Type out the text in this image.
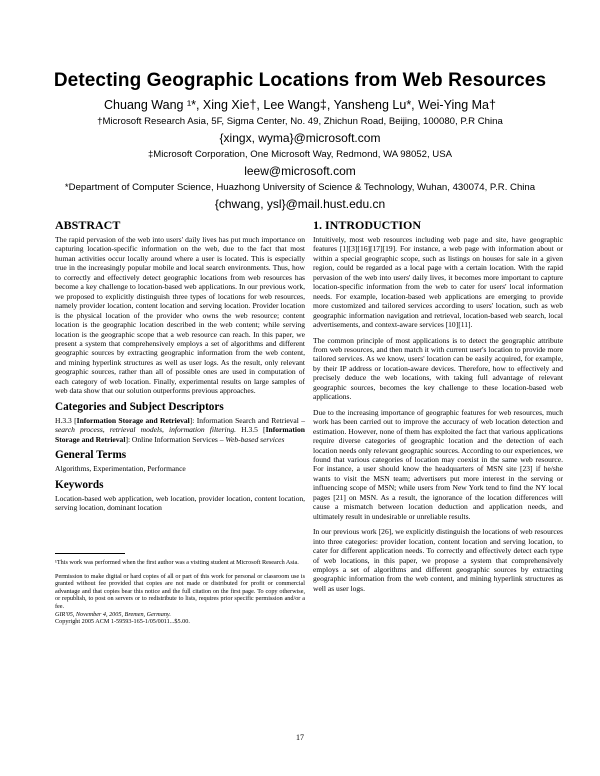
Detecting Geographic Locations from Web Resources
Chuang Wang ¹*, Xing Xie†, Lee Wang‡, Yansheng Lu*, Wei-Ying Ma†
†Microsoft Research Asia, 5F, Sigma Center, No. 49, Zhichun Road, Beijing, 100080, P.R China
{xingx, wyma}@microsoft.com
‡Microsoft Corporation, One Microsoft Way, Redmond, WA 98052, USA
leew@microsoft.com
*Department of Computer Science, Huazhong University of Science & Technology, Wuhan, 430074, P.R. China
{chwang, ysl}@mail.hust.edu.cn
ABSTRACT

The rapid pervasion of the web into users' daily lives has put much importance on capturing location-specific information on the web, due to the fact that most human activities occur locally around where a user is located. This is especially true in the increasingly popular mobile and local search environments. Thus, how to correctly and effectively detect geographic locations from web resources has become a key challenge to location-based web applications. In our previous work, we proposed to explicitly distinguish three types of locations for web resources, namely provider location, content location and serving location. Provider location is the physical location of the provider who owns the web resource; content location is the geographic location described in the web content; while serving location is the geographic scope that a web resource can reach. In this paper, we present a system that comprehensively employs a set of algorithms and different geographic sources by extracting geographic information from the web content, and mining hyperlink structures as well as user logs. As the result, only relevant geographic sources, rather than all of possible ones are used in computation of each category of web location. Finally, experimental results on large samples of web data show that our solution outperforms previous approaches.

Categories and Subject Descriptors

H.3.3 [Information Storage and Retrieval]: Information Search and Retrieval – search process, retrieval models, information filtering. H.3.5 [Information Storage and Retrieval]: Online Information Services – Web-based services

General Terms

Algorithms, Experimentation, Performance

Keywords

Location-based web application, web location, provider location, content location, serving location, dominant location

¹This work was performed when the first author was a visiting student at Microsoft Research Asia.

Permission to make digital or hard copies of all or part of this work for personal or classroom use is granted without fee provided that copies are not made or distributed for profit or commercial advantage and that copies bear this notice and the full citation on the first page. To copy otherwise, or republish, to post on servers or to redistribute to lists, requires prior specific permission and/or a fee.

GIR'05, November 4, 2005, Bremen, Germany.

Copyright 2005 ACM 1-59593-165-1/05/0011...$5.00.

1. INTRODUCTION

Intuitively, most web resources including web page and site, have geographic features [1][3][16][17][19]. For instance, a web page with information about or within a special geographic scope, such as listings on houses for sale in a given region, could be regarded as a local page with a certain location. With the rapid pervasion of the web into users' daily lives, it becomes more important to capture location-specific information from the web to cater for users' local information needs. For example, location-based web applications are emerging to provide more customized and tailored services according to users' location, such as web geographic information navigation and retrieval, location-based web search, local advertisements, and context-aware services [10][11].

The common principle of most applications is to detect the geographic attribute from web resources, and then match it with current user's location to provide more tailored services. As we know, users' location can be easily acquired, for example, by their IP address or location-aware devices. Therefore, how to effectively and precisely deduce the web locations, with taking full advantage of relevant geographic sources, becomes the key challenge to these location-based web applications.

Due to the increasing importance of geographic features for web resources, much work has been carried out to improve the accuracy of web location detection and estimation. However, none of them has exploited the fact that various applications require diverse categories of geographic location and the detection of each location needs only relevant geographic sources. According to our experiences, we found that various categories of location may coexist in the same web resource. For instance, a user should know the headquarters of MSN site [23] if he/she wants to visit the MSN team; advertisers put more interest in the serving or influencing scope of MSN; while users from New York tend to find the NY local pages [21] on MSN. As a result, the ignorance of the location differences will cause a mismatch between location deduction and application needs, and ultimately result in undesirable or unreliable results.

In our previous work [26], we explicitly distinguish the locations of web resources into three categories: provider location, content location and serving location, to cater for different application needs. To correctly and effectively detect each type of web locations, in this paper, we propose a system that comprehensively employs a set of algorithms and different geographic sources by extracting geographic information from the web content, and mining hyperlink structures as well as user logs.

17
